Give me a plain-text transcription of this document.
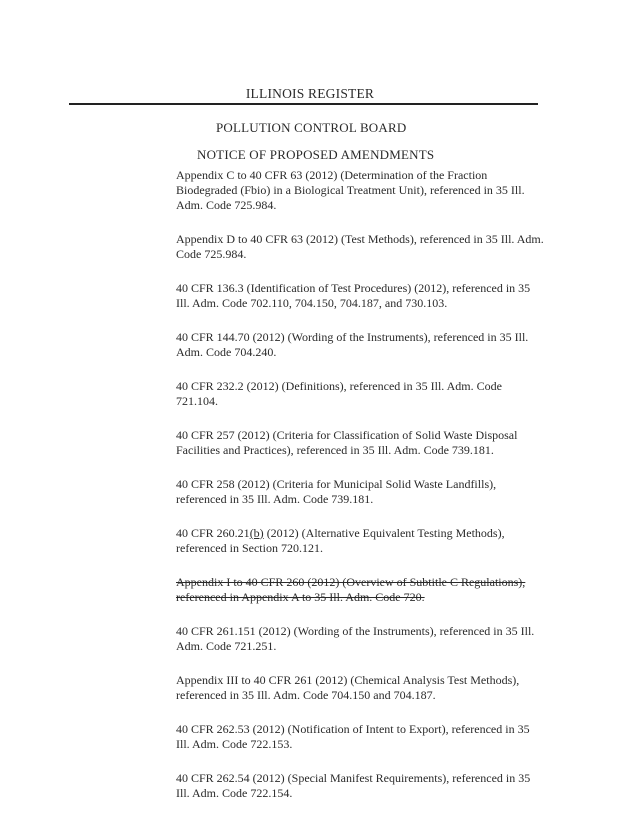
ILLINOIS REGISTER
POLLUTION CONTROL BOARD
NOTICE OF PROPOSED AMENDMENTS

Appendix C to 40 CFR 63 (2012) (Determination of the Fraction Biodegraded (Fbio) in a Biological Treatment Unit), referenced in 35 Ill. Adm. Code 725.984.

Appendix D to 40 CFR 63 (2012) (Test Methods), referenced in 35 Ill. Adm. Code 725.984.

40 CFR 136.3 (Identification of Test Procedures) (2012), referenced in 35 Ill. Adm. Code 702.110, 704.150, 704.187, and 730.103.

40 CFR 144.70 (2012) (Wording of the Instruments), referenced in 35 Ill. Adm. Code 704.240.

40 CFR 232.2 (2012) (Definitions), referenced in 35 Ill. Adm. Code 721.104.

40 CFR 257 (2012) (Criteria for Classification of Solid Waste Disposal Facilities and Practices), referenced in 35 Ill. Adm. Code 739.181.

40 CFR 258 (2012) (Criteria for Municipal Solid Waste Landfills), referenced in 35 Ill. Adm. Code 739.181.

40 CFR 260.21(b) (2012) (Alternative Equivalent Testing Methods), referenced in Section 720.121.

Appendix I to 40 CFR 260 (2012) (Overview of Subtitle C Regulations), referenced in Appendix A to 35 Ill. Adm. Code 720.

40 CFR 261.151 (2012) (Wording of the Instruments), referenced in 35 Ill. Adm. Code 721.251.

Appendix III to 40 CFR 261 (2012) (Chemical Analysis Test Methods), referenced in 35 Ill. Adm. Code 704.150 and 704.187.

40 CFR 262.53 (2012) (Notification of Intent to Export), referenced in 35 Ill. Adm. Code 722.153.

40 CFR 262.54 (2012) (Special Manifest Requirements), referenced in 35 Ill. Adm. Code 722.154.
